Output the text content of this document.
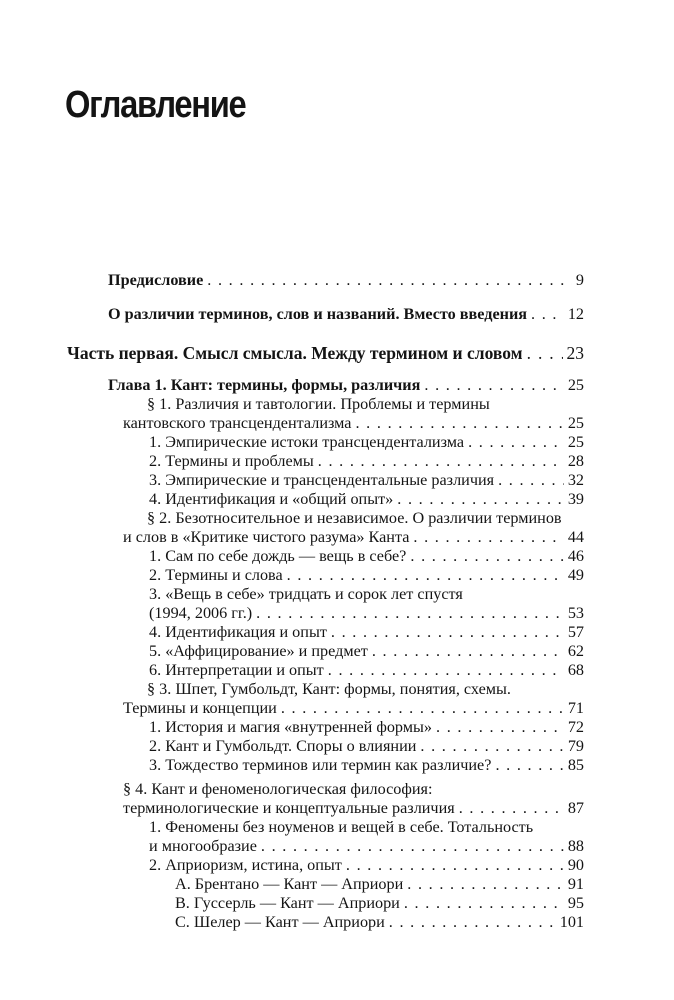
Оглавление
Предисловие . . .	9
О различии терминов, слов и названий. Вместо введения . . .	12
Часть первая. Смысл смысла. Между термином и словом . . .	23
Глава 1. Кант: термины, формы, различия . . .	25
§ 1. Различия и тавтологии. Проблемы и термины
кантовского трансцендентализма . . .	25
1. Эмпирические истоки трансцендентализма . . .	25
2. Термины и проблемы . . .	28
3. Эмпирические и трансцендентальные различия . . .	32
4. Идентификация и «общий опыт» . . .	39
§ 2. Безотносительное и независимое. О различии терминов
и слов в «Критике чистого разума» Канта . . .	44
1. Сам по себе дождь — вещь в себе? . . .	46
2. Термины и слова . . .	49
3. «Вещь в себе» тридцать и сорок лет спустя
(1994, 2006 гг.) . . .	53
4. Идентификация и опыт . . .	57
5. «Аффицирование» и предмет . . .	62
6. Интерпретации и опыт . . .	68
§ 3. Шпет, Гумбольдт, Кант: формы, понятия, схемы.
Термины и концепции . . .	71
1. История и магия «внутренней формы» . . .	72
2. Кант и Гумбольдт. Споры о влиянии . . .	79
3. Тождество терминов или термин как различие? . . .	85
§ 4. Кант и феноменологическая философия:
терминологические и концептуальные различия . . .	87
1. Феномены без ноуменов и вещей в себе. Тотальность
и многообразие . . .	88
2. Априоризм, истина, опыт . . .	90
A. Брентано — Кант — Априори . . .	91
B. Гуссерль — Кант — Априори . . .	95
C. Шелер — Кант — Априори . . .	101
